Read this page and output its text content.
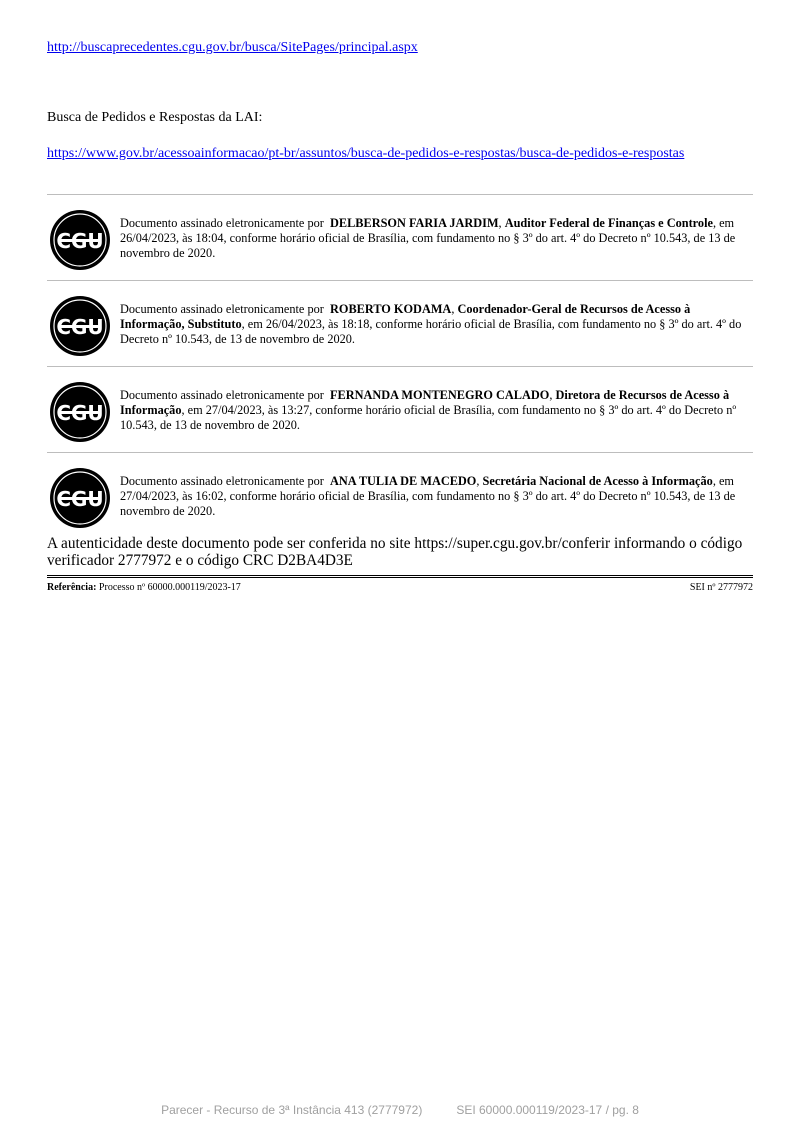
http://buscaprecedentes.cgu.gov.br/busca/SitePages/principal.aspx

Busca de Pedidos e Respostas da LAI:

https://www.gov.br/acessoainformacao/pt-br/assuntos/busca-de-pedidos-e-respostas/busca-de-pedidos-e-respostas
CGU
Documento assinado eletronicamente por DELBERSON FARIA JARDIM, Auditor Federal de Finanças e Controle, em 26/04/2023, às 18:04, conforme horário oficial de Brasília, com fundamento no § 3º do art. 4º do Decreto nº 10.543, de 13 de novembro de 2020.
CGU
Documento assinado eletronicamente por ROBERTO KODAMA, Coordenador-Geral de Recursos de Acesso à Informação, Substituto, em 26/04/2023, às 18:18, conforme horário oficial de Brasília, com fundamento no § 3º do art. 4º do Decreto nº 10.543, de 13 de novembro de 2020.
CGU
Documento assinado eletronicamente por FERNANDA MONTENEGRO CALADO, Diretora de Recursos de Acesso à Informação, em 27/04/2023, às 13:27, conforme horário oficial de Brasília, com fundamento no § 3º do art. 4º do Decreto nº 10.543, de 13 de novembro de 2020.
CGU
Documento assinado eletronicamente por ANA TULIA DE MACEDO, Secretária Nacional de Acesso à Informação, em 27/04/2023, às 16:02, conforme horário oficial de Brasília, com fundamento no § 3º do art. 4º do Decreto nº 10.543, de 13 de novembro de 2020.
A autenticidade deste documento pode ser conferida no site https://super.cgu.gov.br/conferir informando o código verificador 2777972 e o código CRC D2BA4D3E
Referência: Processo nº 60000.000119/2023-17	SEI nº 2777972
Parecer - Recurso de 3ª Instância 413 (2777972)	SEI 60000.000119/2023-17 / pg. 8
